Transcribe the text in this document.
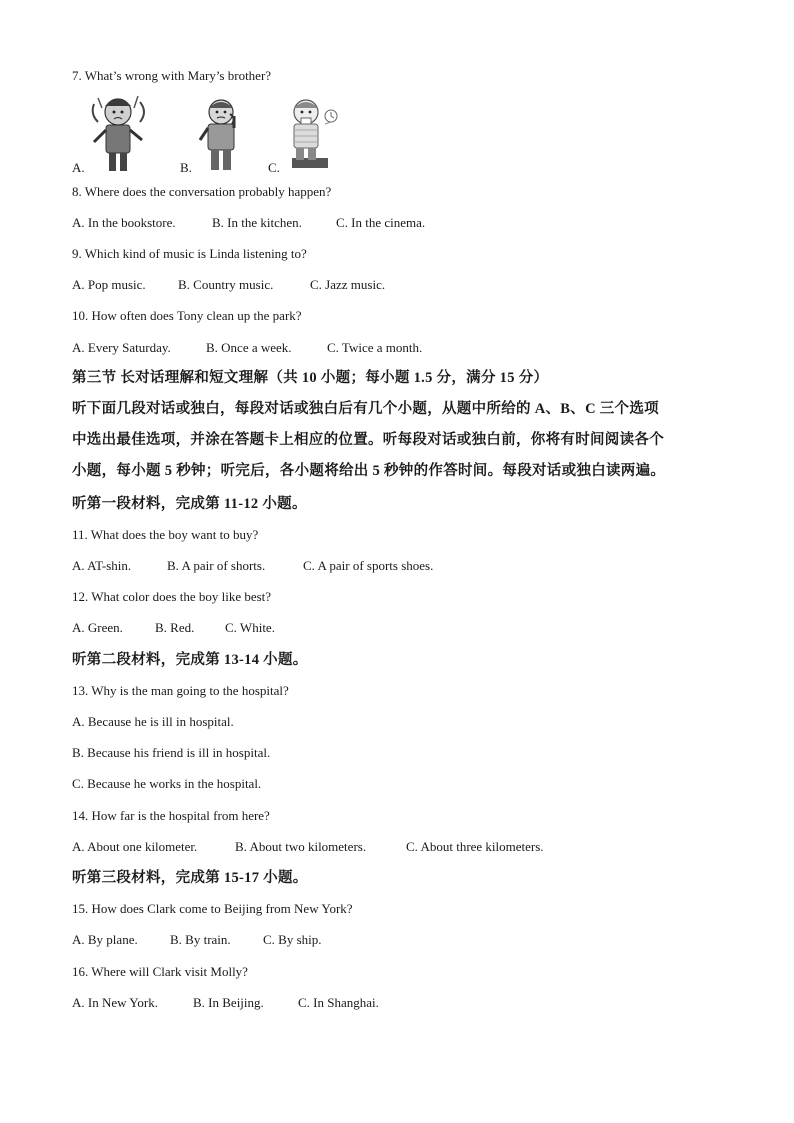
7. What’s wrong with Mary’s brother?
A.	B.	C.
8. Where does the conversation probably happen?
A. In the bookstore.	B. In the kitchen.	C. In the cinema.
9. Which kind of music is Linda listening to?
A. Pop music. B. Country music.	C. Jazz music.
10. How often does Tony clean up the park?
A. Every Saturday.	B. Once a week.	C. Twice a month.
第三节 长对话理解和短文理解（共 10 小题；每小题 1.5 分，满分 15 分）
听下面几段对话或独白，每段对话或独白后有几个小题，从题中所给的 A、B、C 三个选项
中选出最佳选项，并涂在答题卡上相应的位置。听每段对话或独白前，你将有时间阅读各个
小题，每小题 5 秒钟；听完后，各小题将给出 5 秒钟的作答时间。每段对话或独白读两遍。
听第一段材料，完成第 11-12 小题。
11. What does the boy want to buy?
A. AT-shin.	B. A pair of shorts.	C. A pair of sports shoes.
12. What color does the boy like best?
A. Green. B. Red. C. White.
听第二段材料，完成第 13-14 小题。
13. Why is the man going to the hospital?
A. Because he is ill in hospital.
B. Because his friend is ill in hospital.
C. Because he works in the hospital.
14. How far is the hospital from here?
A. About one kilometer.	B. About two kilometers.	C. About three kilometers.
听第三段材料，完成第 15-17 小题。
15. How does Clark come to Beijing from New York?
A. By plane. B. By train. C. By ship.
16. Where will Clark visit Molly?
A. In New York.	B. In Beijing.	C. In Shanghai.
